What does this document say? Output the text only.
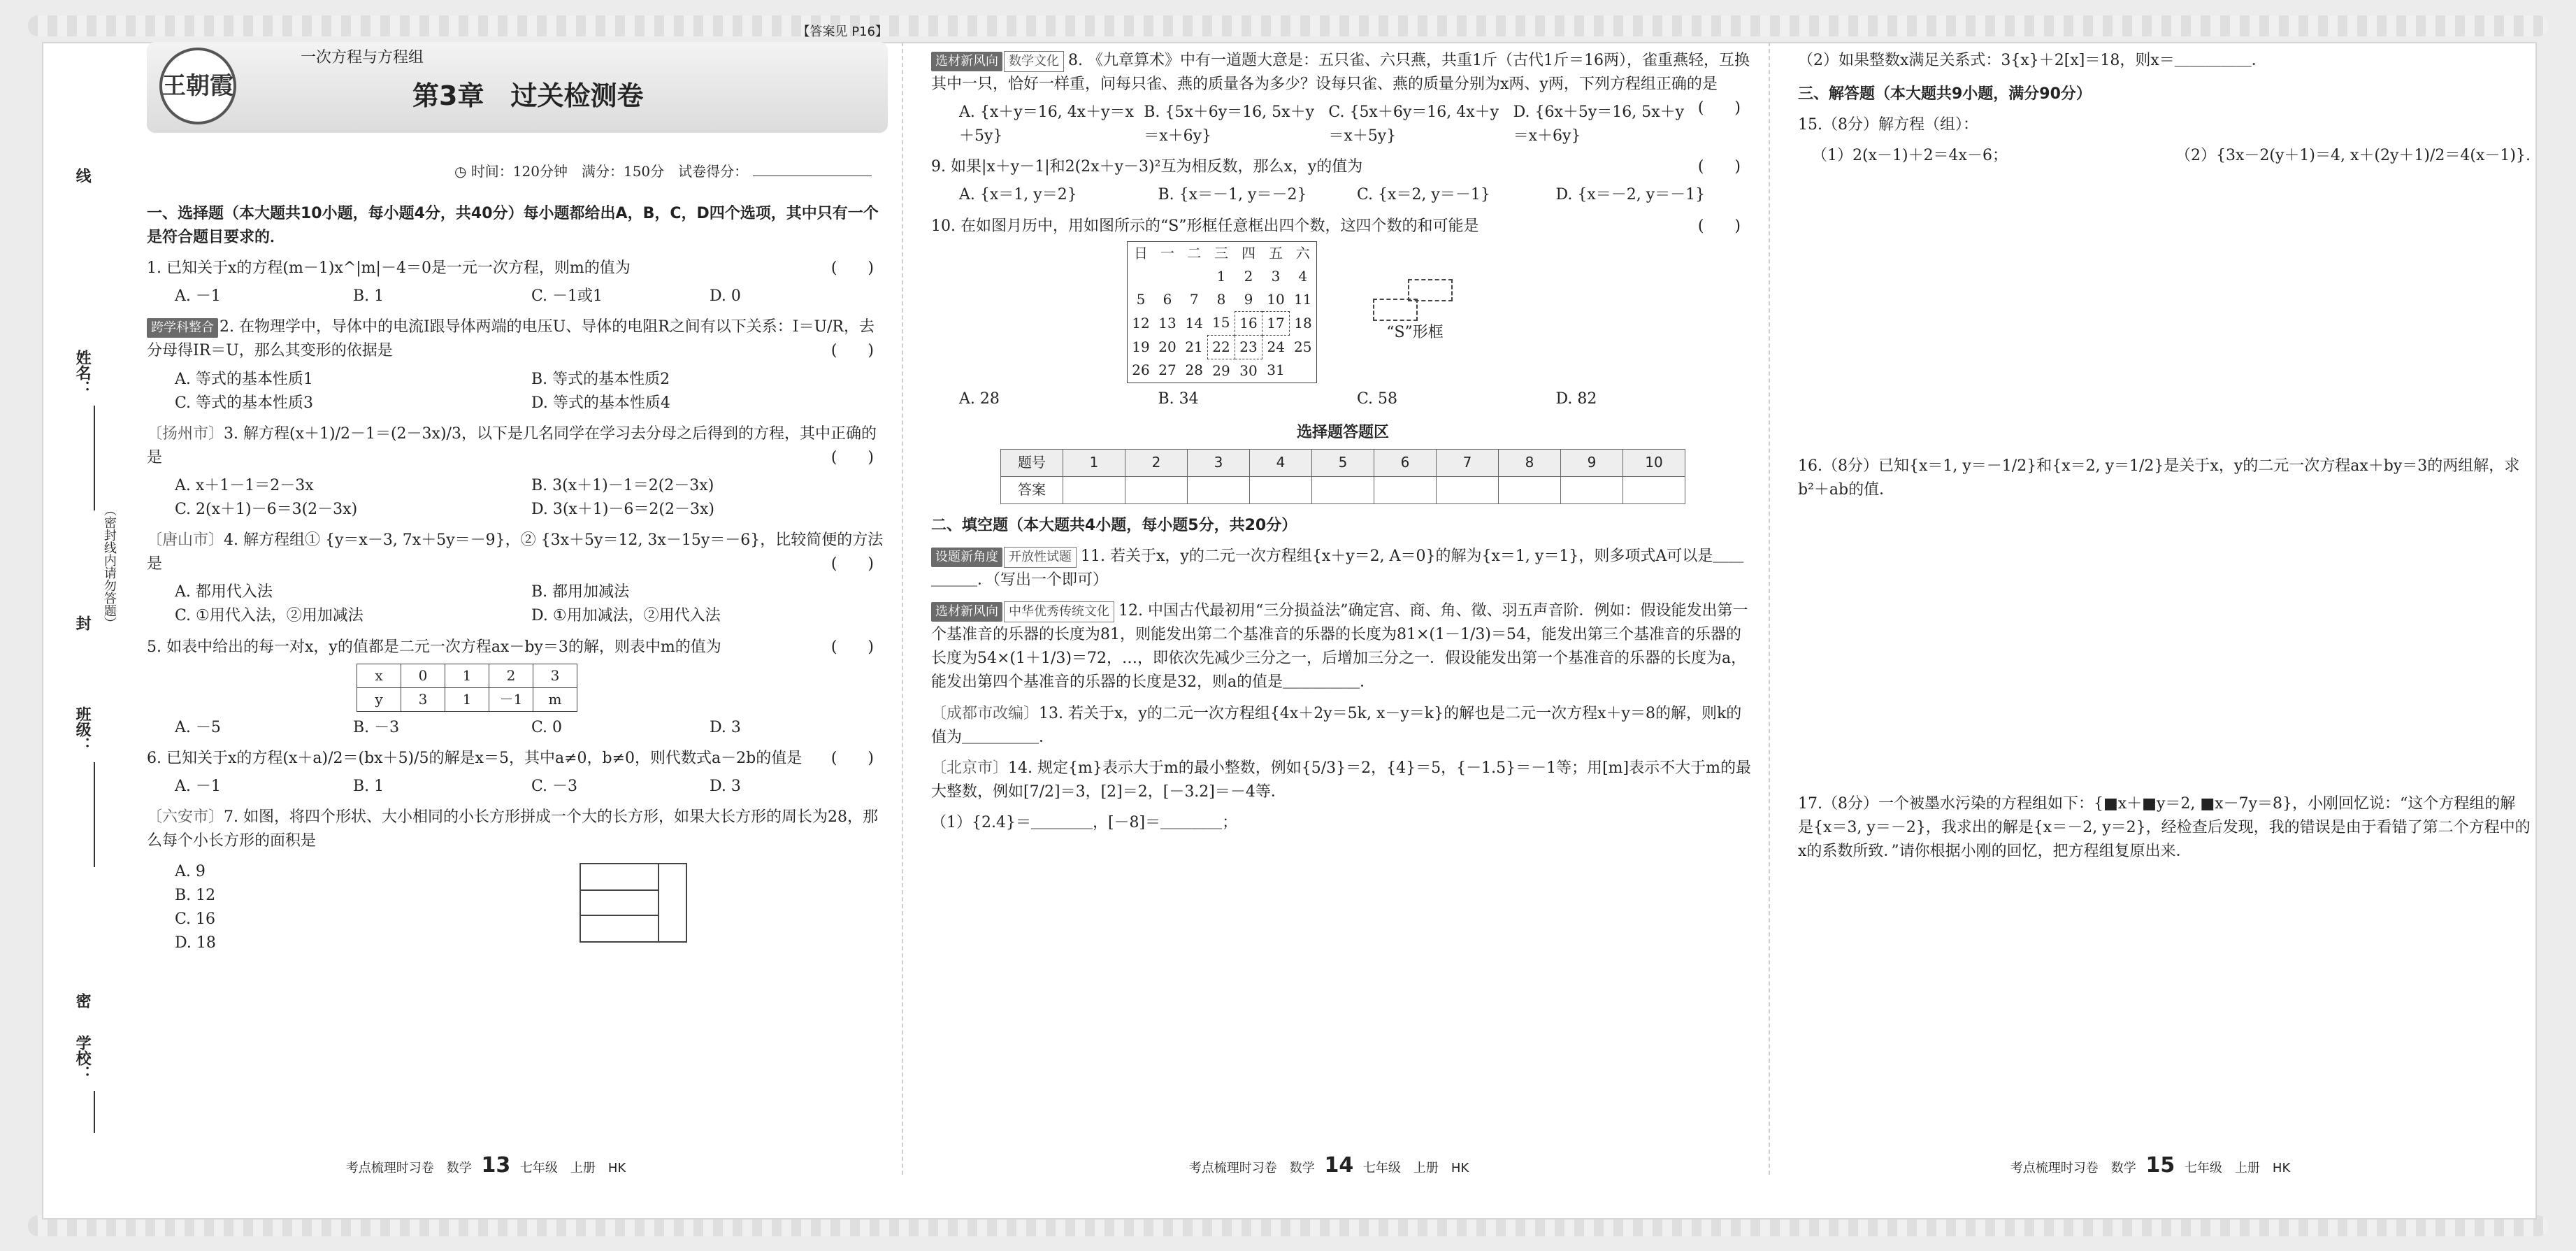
线
姓名：
（密封线内请勿答题）
封
班级：
密
学校：
王朝霞
一次方程与方程组
第3章　过关检测卷
【答案见 P16】
◷ 时间：120分钟　满分：150分　试卷得分：

一、选择题（本大题共10小题，每小题4分，共40分）每小题都给出A，B，C，D四个选项，其中只有一个是符合题目要求的．

1. 已知关于x的方程(m－1)x^|m|－4＝0是一元一次方程，则m的值为	(　　)

A. －1	B. 1	C. －1或1	D. 0

跨学科整合 2. 在物理学中，导体中的电流I跟导体两端的电压U、导体的电阻R之间有以下关系：I＝U/R，去分母得IR＝U，那么其变形的依据是	(　　)

A. 等式的基本性质1	B. 等式的基本性质2
C. 等式的基本性质3	D. 等式的基本性质4

〔扬州市〕3. 解方程(x＋1)/2－1＝(2－3x)/3，以下是几名同学在学习去分母之后得到的方程，其中正确的是	(　　)

A. x＋1－1＝2－3x	B. 3(x＋1)－1＝2(2－3x)
C. 2(x＋1)－6＝3(2－3x)	D. 3(x＋1)－6＝2(2－3x)

〔唐山市〕4. 解方程组① {y＝x－3, 7x＋5y＝－9}，② {3x＋5y＝12, 3x－15y＝－6}，比较简便的方法是	(　　)

A. 都用代入法	B. 都用加减法
C. ①用代入法，②用加减法	D. ①用加减法，②用代入法

5. 如表中给出的每一对x，y的值都是二元一次方程ax－by＝3的解，则表中m的值为	(　　)

x	0	1	2	3
y	3	1	－1	m
A. －5	B. －3	C. 0	D. 3

6. 已知关于x的方程(x＋a)/2＝(bx＋5)/5的解是x＝5，其中a≠0，b≠0，则代数式a－2b的值是 (　　)

A. －1	B. 1	C. －3	D. 3

〔六安市〕7. 如图，将四个形状、大小相同的小长方形拼成一个大的长方形，如果大长方形的周长为28，那么每个小长方形的面积是

A. 9
B. 12
C. 16
D. 18
考点梳理时习卷　数学 13 七年级　上册　HK

选材新风向 数学文化 8. 《九章算术》中有一道题大意是：五只雀、六只燕，共重1斤（古代1斤＝16两），雀重燕轻，互换其中一只，恰好一样重，问每只雀、燕的质量各为多少？设每只雀、燕的质量分别为x两、y两，下列方程组正确的是
(　　)

A. {x＋y＝16, 4x＋y＝x＋5y}
B. {5x＋6y＝16, 5x＋y＝x＋6y}
C. {5x＋6y＝16, 4x＋y＝x＋5y}
D. {6x＋5y＝16, 5x＋y＝x＋6y}

9. 如果|x＋y－1|和2(2x＋y－3)²互为相反数，那么x，y的值为	(　　)

A. {x＝1, y＝2}	B. {x＝－1, y＝－2}	C. {x＝2, y＝－1}	D. {x＝－2, y＝－1}

10. 在如图月历中，用如图所示的“S”形框任意框出四个数，这四个数的和可能是	(　　)

日	一	二	三	四	五	六
			1	2	3	4
5	6	7	8	9	10	11
12	13	14	15	16	17	18
19	20	21	22	23	24	25
26	27	28	29	30	31	
“S”形框
A. 28	B. 34	C. 58	D. 82

选择题答题区

题号	1	2	3	4	5	6	7	8	9	10
答案										

二、填空题（本大题共4小题，每小题5分，共20分）

设题新角度 开放性试题 11. 若关于x，y的二元一次方程组{x＋y＝2, A＝0}的解为{x＝1, y＝1}，则多项式A可以是＿＿＿＿＿．（写出一个即可）

选材新风向 中华优秀传统文化 12. 中国古代最初用“三分损益法”确定宫、商、角、徵、羽五声音阶．例如：假设能发出第一个基准音的乐器的长度为81，则能发出第二个基准音的乐器的长度为81×(1－1/3)＝54，能发出第三个基准音的乐器的长度为54×(1＋1/3)＝72，…，即依次先减少三分之一，后增加三分之一．假设能发出第一个基准音的乐器的长度为a，能发出第四个基准音的乐器的长度是32，则a的值是＿＿＿＿＿．

〔成都市改编〕13. 若关于x，y的二元一次方程组{4x＋2y＝5k, x－y＝k}的解也是二元一次方程x＋y＝8的解，则k的值为＿＿＿＿＿．

〔北京市〕14. 规定{m}表示大于m的最小整数，例如{5/3}＝2，{4}＝5，{－1.5}＝－1等；用[m]表示不大于m的最大整数，例如[7/2]＝3，[2]＝2，[－3.2]＝－4等．

（1）{2.4}＝＿＿＿＿，[－8]＝＿＿＿＿；

考点梳理时习卷　数学 14 七年级　上册　HK

（2）如果整数x满足关系式：3{x}＋2[x]＝18，则x＝＿＿＿＿＿．

三、解答题（本大题共9小题，满分90分）

15.（8分）解方程（组）：

（1）2(x－1)＋2＝4x－6；	（2）{3x－2(y＋1)＝4, x＋(2y＋1)/2＝4(x－1)}.

16.（8分）已知{x＝1, y＝－1/2}和{x＝2, y＝1/2}是关于x，y的二元一次方程ax＋by＝3的两组解，求b²＋ab的值．

17.（8分）一个被墨水污染的方程组如下：{■x＋■y＝2, ■x－7y＝8}，小刚回忆说：“这个方程组的解是{x＝3, y＝－2}，我求出的解是{x＝－2, y＝2}，经检查后发现，我的错误是由于看错了第二个方程中的x的系数所致．”请你根据小刚的回忆，把方程组复原出来．

考点梳理时习卷　数学 15 七年级　上册　HK
